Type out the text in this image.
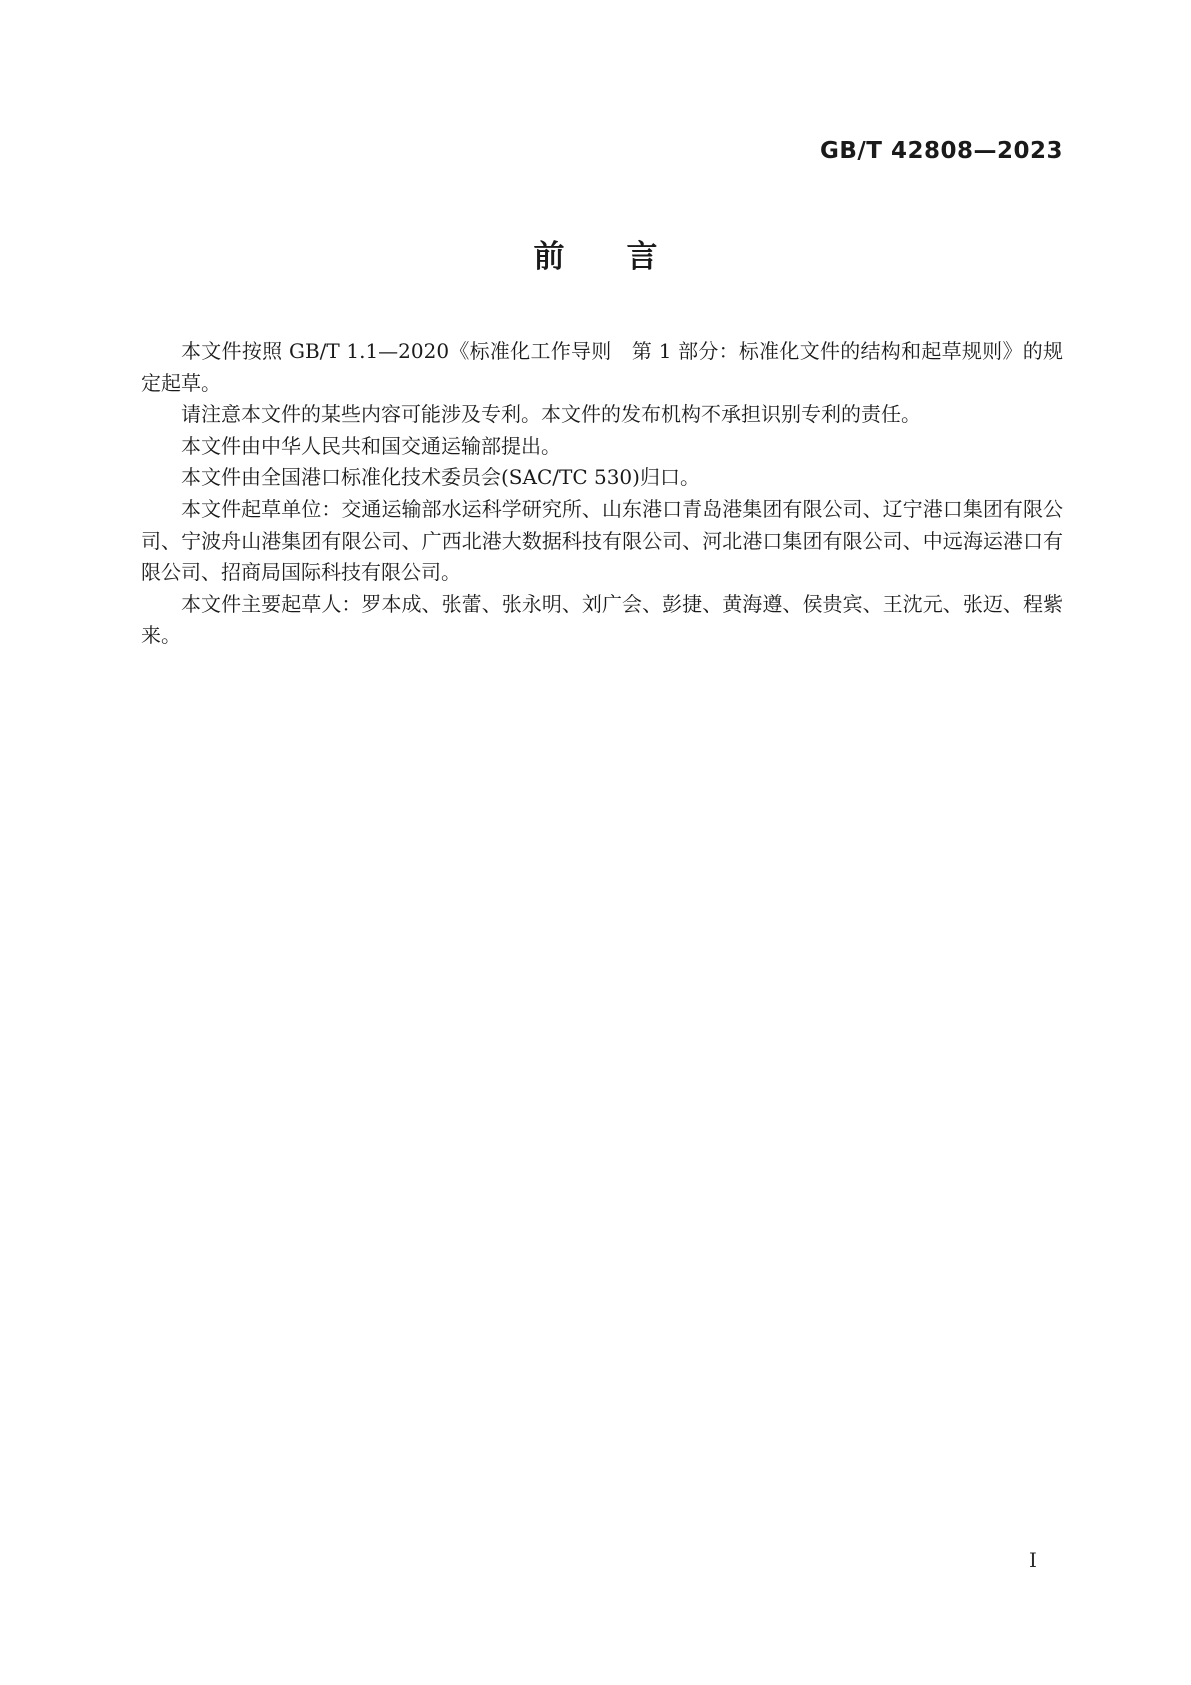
GB/T 42808—2023
前　　言

本文件按照 GB/T 1.1—2020《标准化工作导则　第 1 部分：标准化文件的结构和起草规则》的规定起草。

请注意本文件的某些内容可能涉及专利。本文件的发布机构不承担识别专利的责任。

本文件由中华人民共和国交通运输部提出。

本文件由全国港口标准化技术委员会(SAC/TC 530)归口。

本文件起草单位：交通运输部水运科学研究所、山东港口青岛港集团有限公司、辽宁港口集团有限公司、宁波舟山港集团有限公司、广西北港大数据科技有限公司、河北港口集团有限公司、中远海运港口有限公司、招商局国际科技有限公司。

本文件主要起草人：罗本成、张蕾、张永明、刘广会、彭捷、黄海遵、侯贵宾、王沈元、张迈、程紫来。

I
